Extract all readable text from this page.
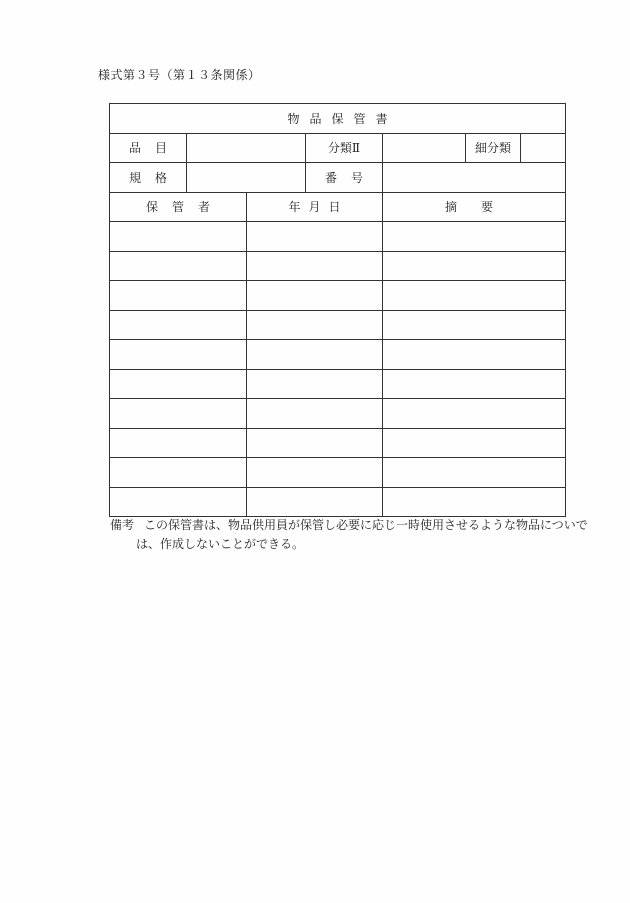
様式第３号（第１３条関係）
物品保管書						
品目			分類Ⅱ		細分類	
規格			番号			
保管者		年月日		摘要		

備考 この保管書は、物品供用員が保管し必要に応じ一時使用させるような物品についで
は、作成しないことができる。
